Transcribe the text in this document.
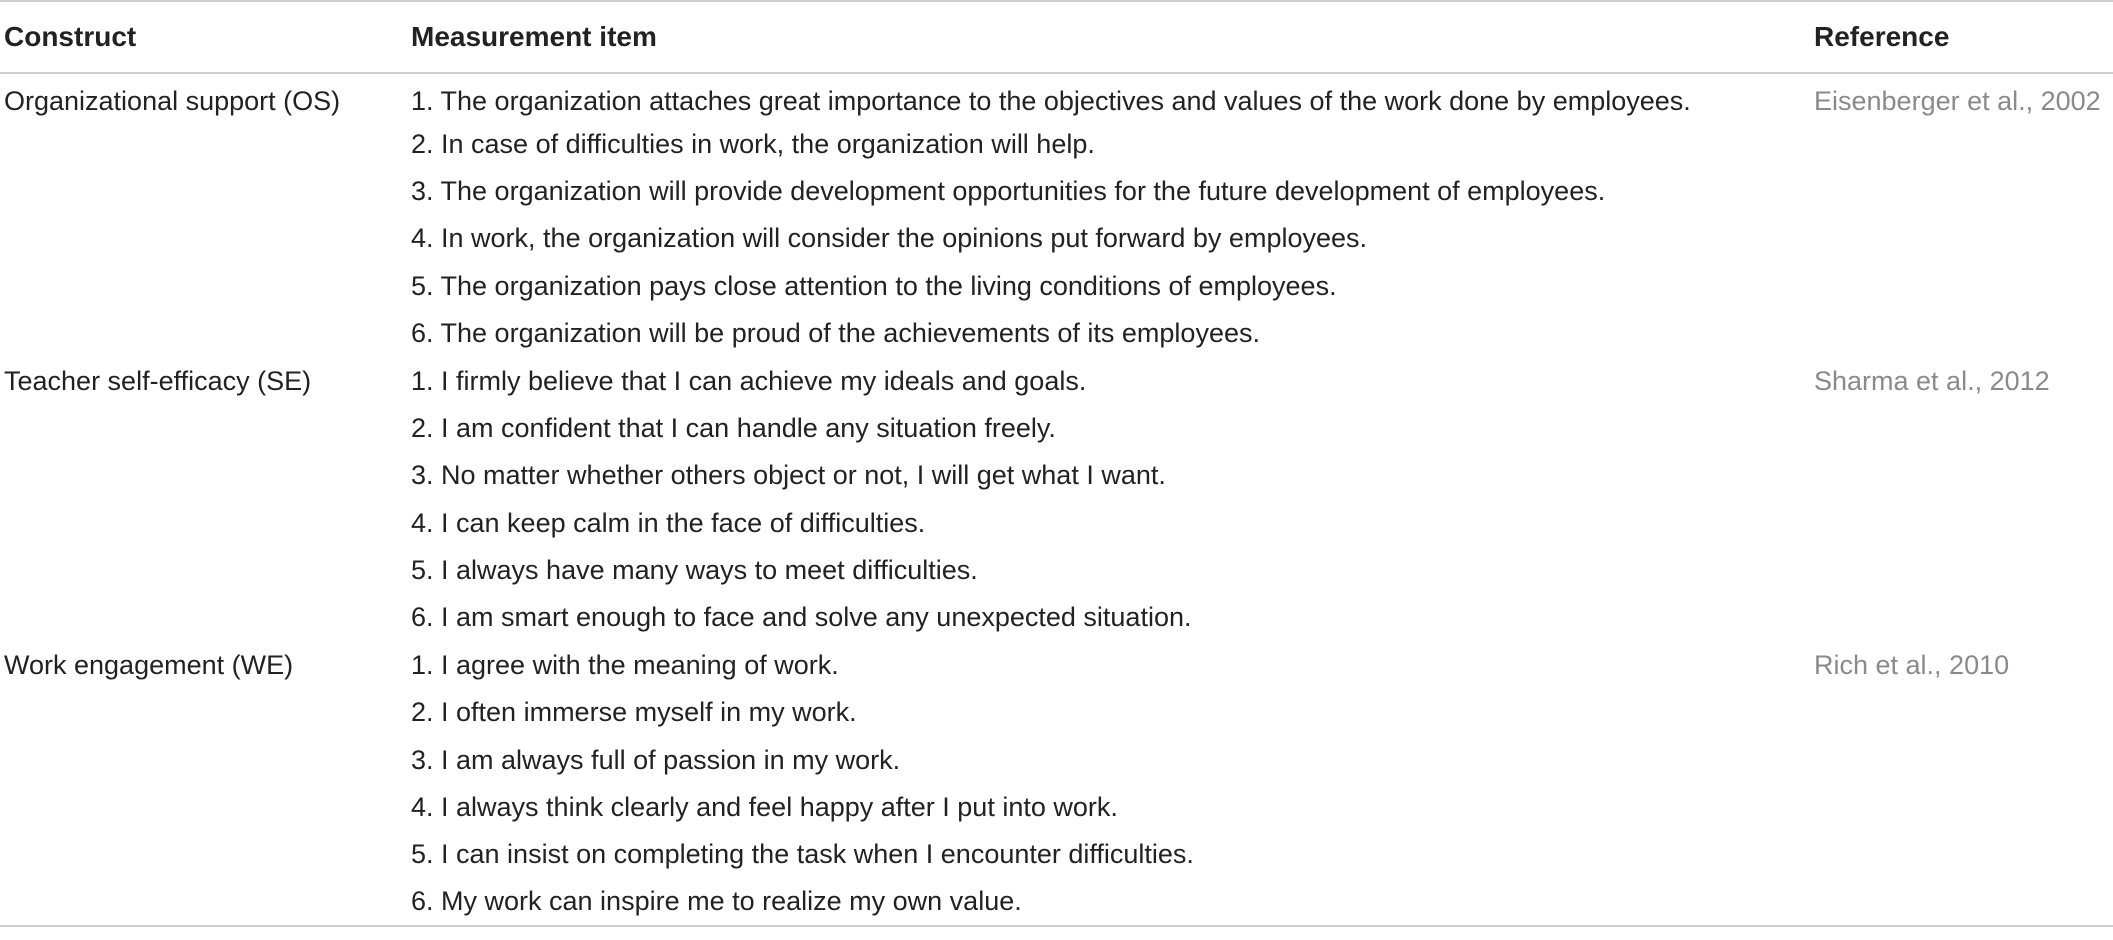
Construct	Measurement item	Reference
Organizational support (OS)	1. The organization attaches great importance to the objectives and values of the work done by employees.	Eisenberger et al., 2002
	2. In case of difficulties in work, the organization will help.	
	3. The organization will provide development opportunities for the future development of employees.	
	4. In work, the organization will consider the opinions put forward by employees.	
	5. The organization pays close attention to the living conditions of employees.	
	6. The organization will be proud of the achievements of its employees.	
Teacher self-efficacy (SE)	1. I firmly believe that I can achieve my ideals and goals.	Sharma et al., 2012
	2. I am confident that I can handle any situation freely.	
	3. No matter whether others object or not, I will get what I want.	
	4. I can keep calm in the face of difficulties.	
	5. I always have many ways to meet difficulties.	
	6. I am smart enough to face and solve any unexpected situation.	
Work engagement (WE)	1. I agree with the meaning of work.	Rich et al., 2010
	2. I often immerse myself in my work.	
	3. I am always full of passion in my work.	
	4. I always think clearly and feel happy after I put into work.	
	5. I can insist on completing the task when I encounter difficulties.	
	6. My work can inspire me to realize my own value.	
